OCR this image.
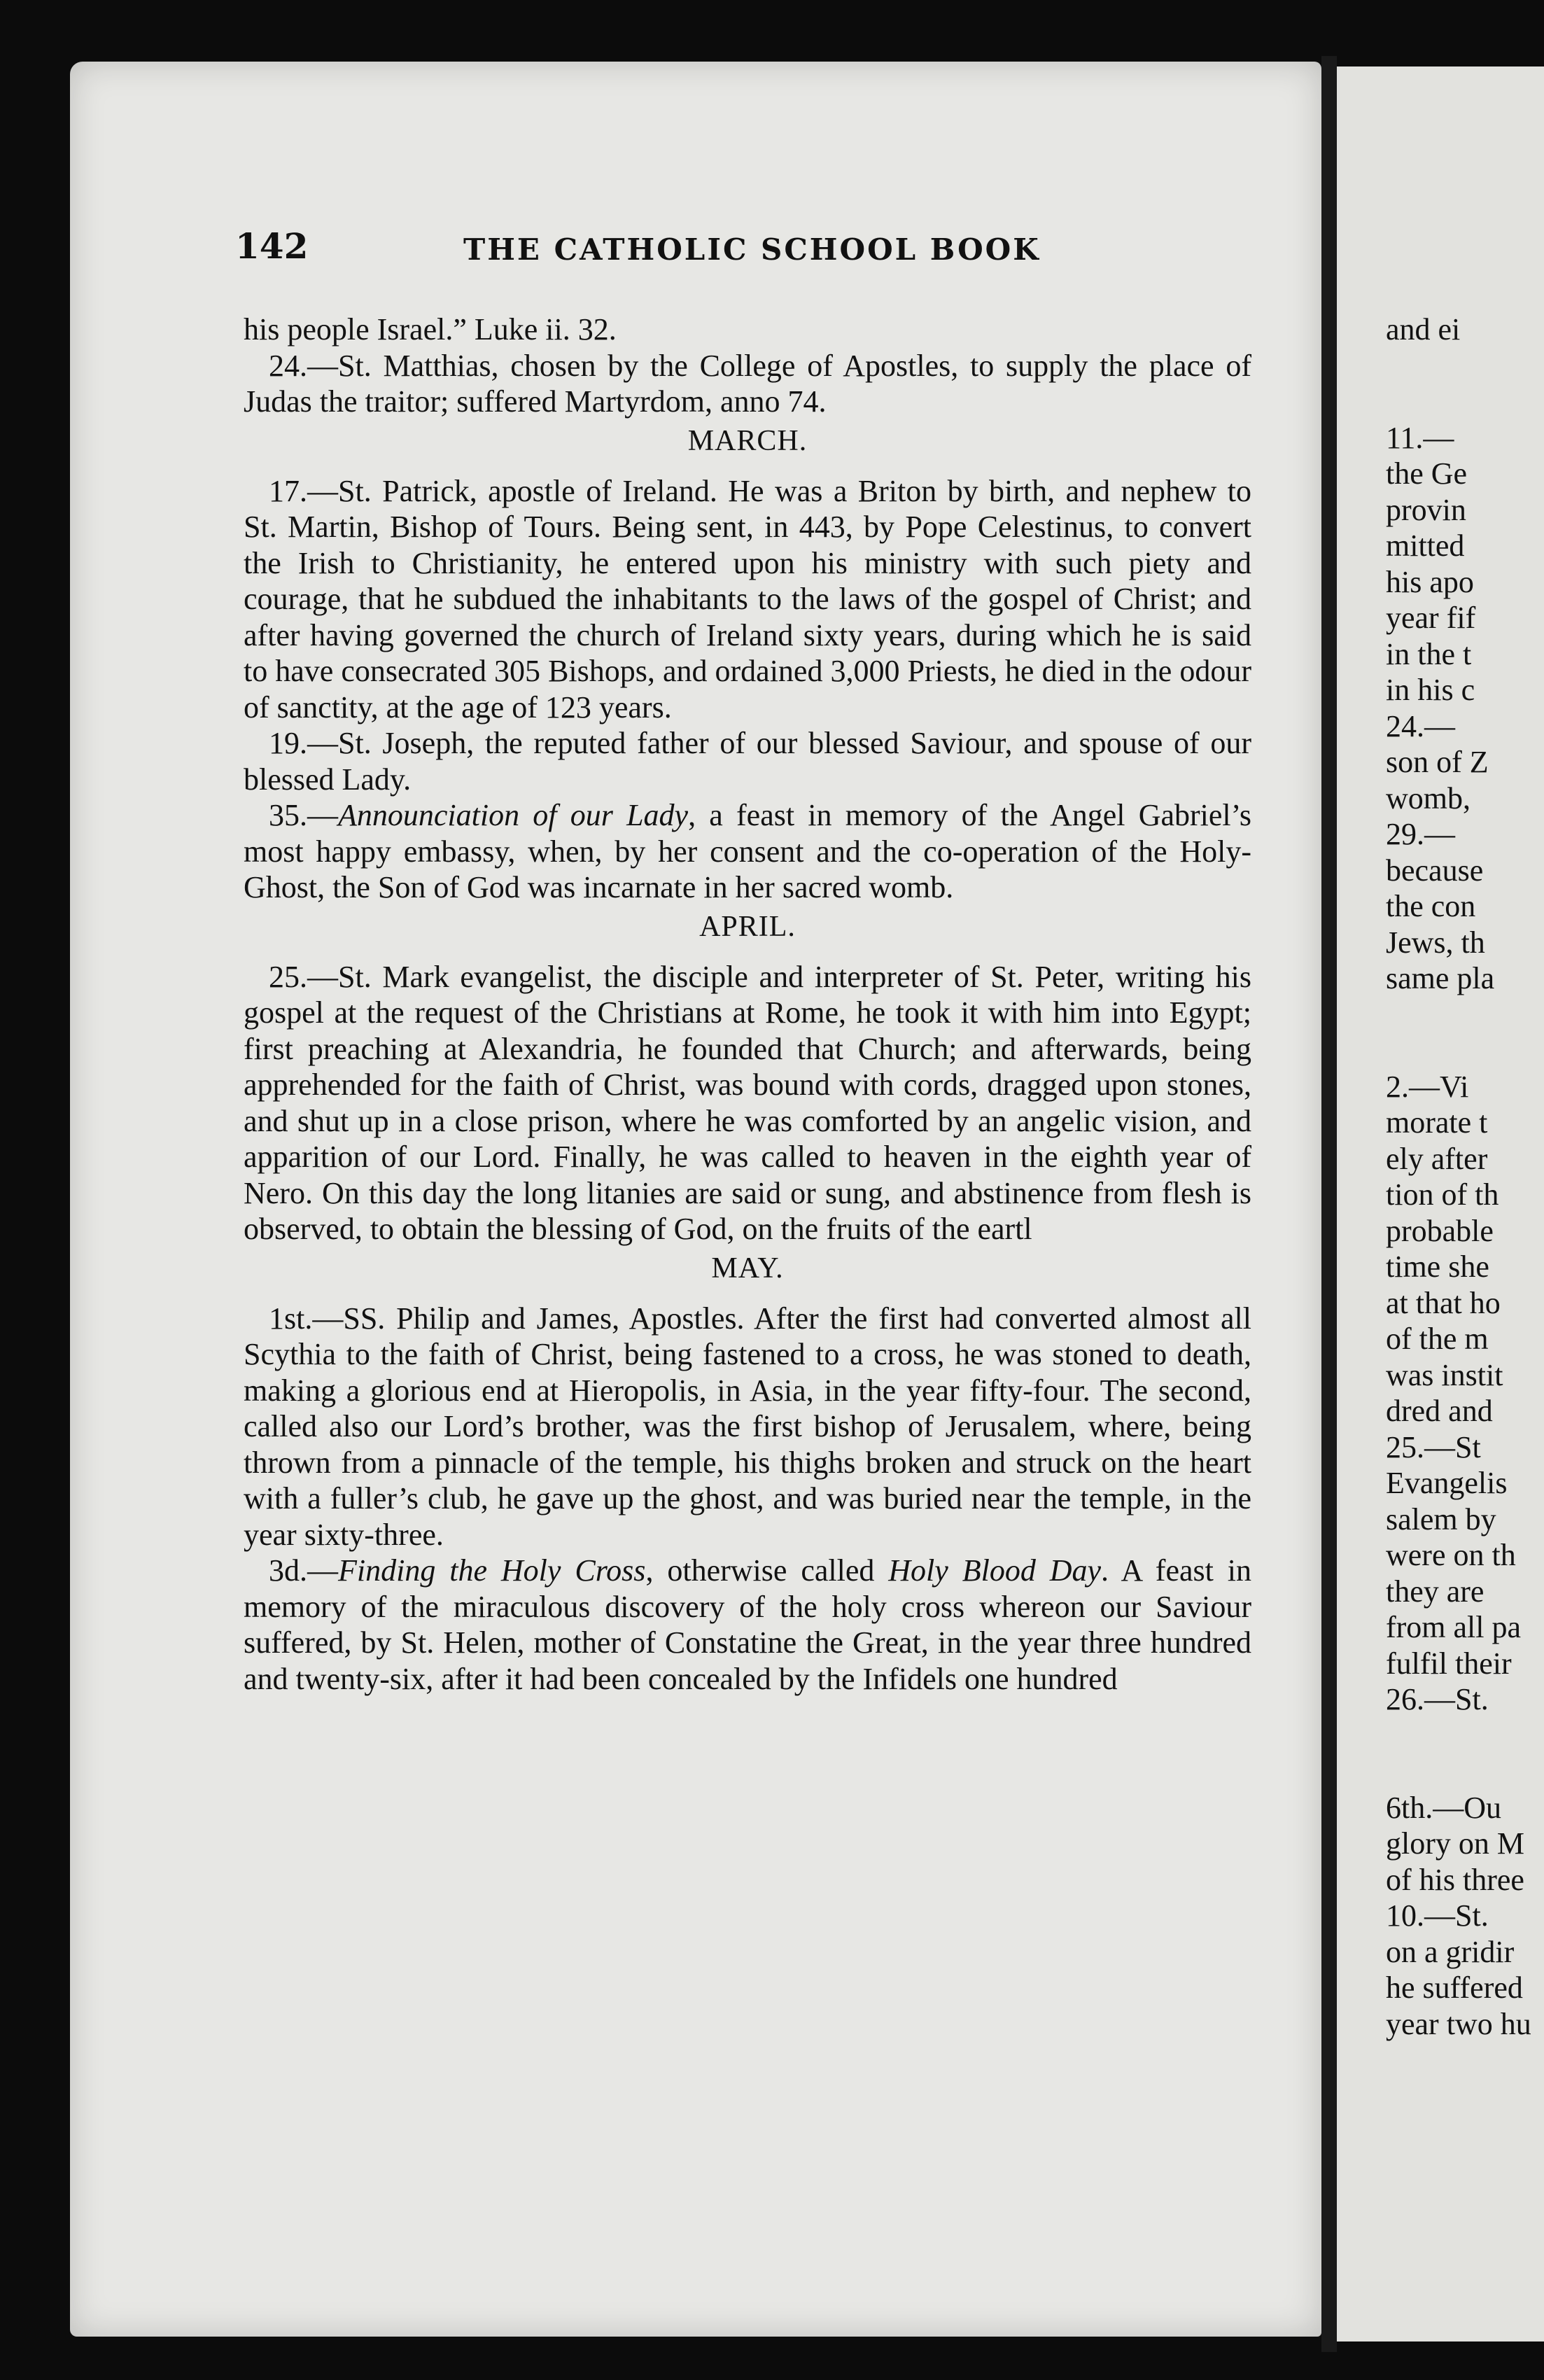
and ei
11.—
the Ge
provin
mitted
his apo
year fif
in the t
in his c
24.—
son of Z
womb,
29.—
because
the con
Jews, th
same pla
2.—Vi
morate t
ely after
tion of th
probable
time she
at that ho
of the m
was instit
dred and
25.—St
Evangelis
salem by
were on th
they are
from all pa
fulfil their
26.—St.
6th.—Ou
glory on M
of his three
10.—St.
on a gridir
he suffered
year two hu
142	THE CATHOLIC SCHOOL BOOK

his people Israel.” Luke ii. 32.

24.—St. Matthias, chosen by the College of Apostles, to supply the place of Judas the traitor; suffered Martyrdom, anno 74.

MARCH.

17.—St. Patrick, apostle of Ireland. He was a Briton by birth, and nephew to St. Martin, Bishop of Tours. Being sent, in 443, by Pope Celestinus, to convert the Irish to Christianity, he entered upon his ministry with such piety and courage, that he subdued the inhabitants to the laws of the gospel of Christ; and after having governed the church of Ireland sixty years, during which he is said to have consecrated 305 Bishops, and ordained 3,000 Priests, he died in the odour of sanctity, at the age of 123 years.

19.—St. Joseph, the reputed father of our blessed Saviour, and spouse of our blessed Lady.

35.—Announciation of our Lady, a feast in memory of the Angel Gabriel’s most happy embassy, when, by her consent and the co-operation of the Holy-Ghost, the Son of God was incarnate in her sacred womb.

APRIL.

25.—St. Mark evangelist, the disciple and interpreter of St. Peter, writing his gospel at the request of the Christians at Rome, he took it with him into Egypt; first preaching at Alexandria, he founded that Church; and afterwards, being apprehended for the faith of Christ, was bound with cords, dragged upon stones, and shut up in a close prison, where he was comforted by an angelic vision, and apparition of our Lord. Finally, he was called to heaven in the eighth year of Nero. On this day the long litanies are said or sung, and abstinence from flesh is observed, to obtain the blessing of God, on the fruits of the eartl

MAY.

1st.—SS. Philip and James, Apostles. After the first had converted almost all Scythia to the faith of Christ, being fastened to a cross, he was stoned to death, making a glorious end at Hieropolis, in Asia, in the year fifty-four. The second, called also our Lord’s brother, was the first bishop of Jerusalem, where, being thrown from a pinnacle of the temple, his thighs broken and struck on the heart with a fuller’s club, he gave up the ghost, and was buried near the temple, in the year sixty-three.

3d.—Finding the Holy Cross, otherwise called Holy Blood Day. A feast in memory of the miraculous discovery of the holy cross whereon our Saviour suffered, by St. Helen, mother of Constatine the Great, in the year three hundred and twenty-six, after it had been concealed by the Infidels one hundred
